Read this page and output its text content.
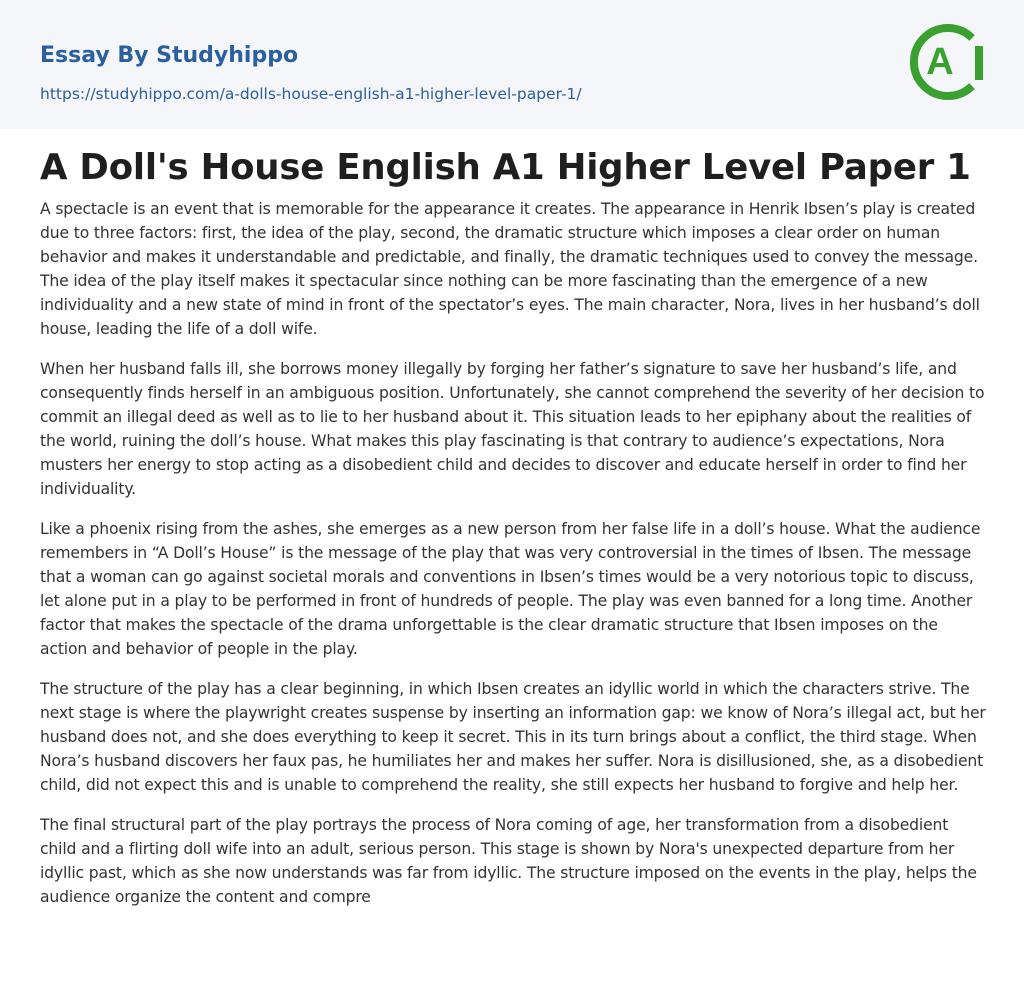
Essay By Studyhippo
https://studyhippo.com/a-dolls-house-english-a1-higher-level-paper-1/
A
A Doll's House English A1 Higher Level Paper 1

A spectacle is an event that is memorable for the appearance it creates. The appearance in Henrik Ibsen’s play is created due to three factors: first, the idea of the play, second, the dramatic structure which imposes a clear order on human behavior and makes it understandable and predictable, and finally, the dramatic techniques used to convey the message. The idea of the play itself makes it spectacular since nothing can be more fascinating than the emergence of a new individuality and a new state of mind in front of the spectator’s eyes. The main character, Nora, lives in her husband’s doll house, leading the life of a doll wife.

When her husband falls ill, she borrows money illegally by forging her father’s signature to save her husband’s life, and consequently finds herself in an ambiguous position. Unfortunately, she cannot comprehend the severity of her decision to commit an illegal deed as well as to lie to her husband about it. This situation leads to her epiphany about the realities of the world, ruining the doll’s house. What makes this play fascinating is that contrary to audience’s expectations, Nora musters her energy to stop acting as a disobedient child and decides to discover and educate herself in order to find her individuality.

Like a phoenix rising from the ashes, she emerges as a new person from her false life in a doll’s house. What the audience remembers in “A Doll’s House” is the message of the play that was very controversial in the times of Ibsen. The message that a woman can go against societal morals and conventions in Ibsen’s times would be a very notorious topic to discuss, let alone put in a play to be performed in front of hundreds of people. The play was even banned for a long time. Another factor that makes the spectacle of the drama unforgettable is the clear dramatic structure that Ibsen imposes on the action and behavior of people in the play.

The structure of the play has a clear beginning, in which Ibsen creates an idyllic world in which the characters strive. The next stage is where the playwright creates suspense by inserting an information gap: we know of Nora’s illegal act, but her husband does not, and she does everything to keep it secret. This in its turn brings about a conflict, the third stage. When Nora’s husband discovers her faux pas, he humiliates her and makes her suffer. Nora is disillusioned, she, as a disobedient child, did not expect this and is unable to comprehend the reality, she still expects her husband to forgive and help her.

The final structural part of the play portrays the process of Nora coming of age, her transformation from a disobedient child and a flirting doll wife into an adult, serious person. This stage is shown by Nora's unexpected departure from her idyllic past, which as she now understands was far from idyllic. The structure imposed on the events in the play, helps the audience organize the content and compre
